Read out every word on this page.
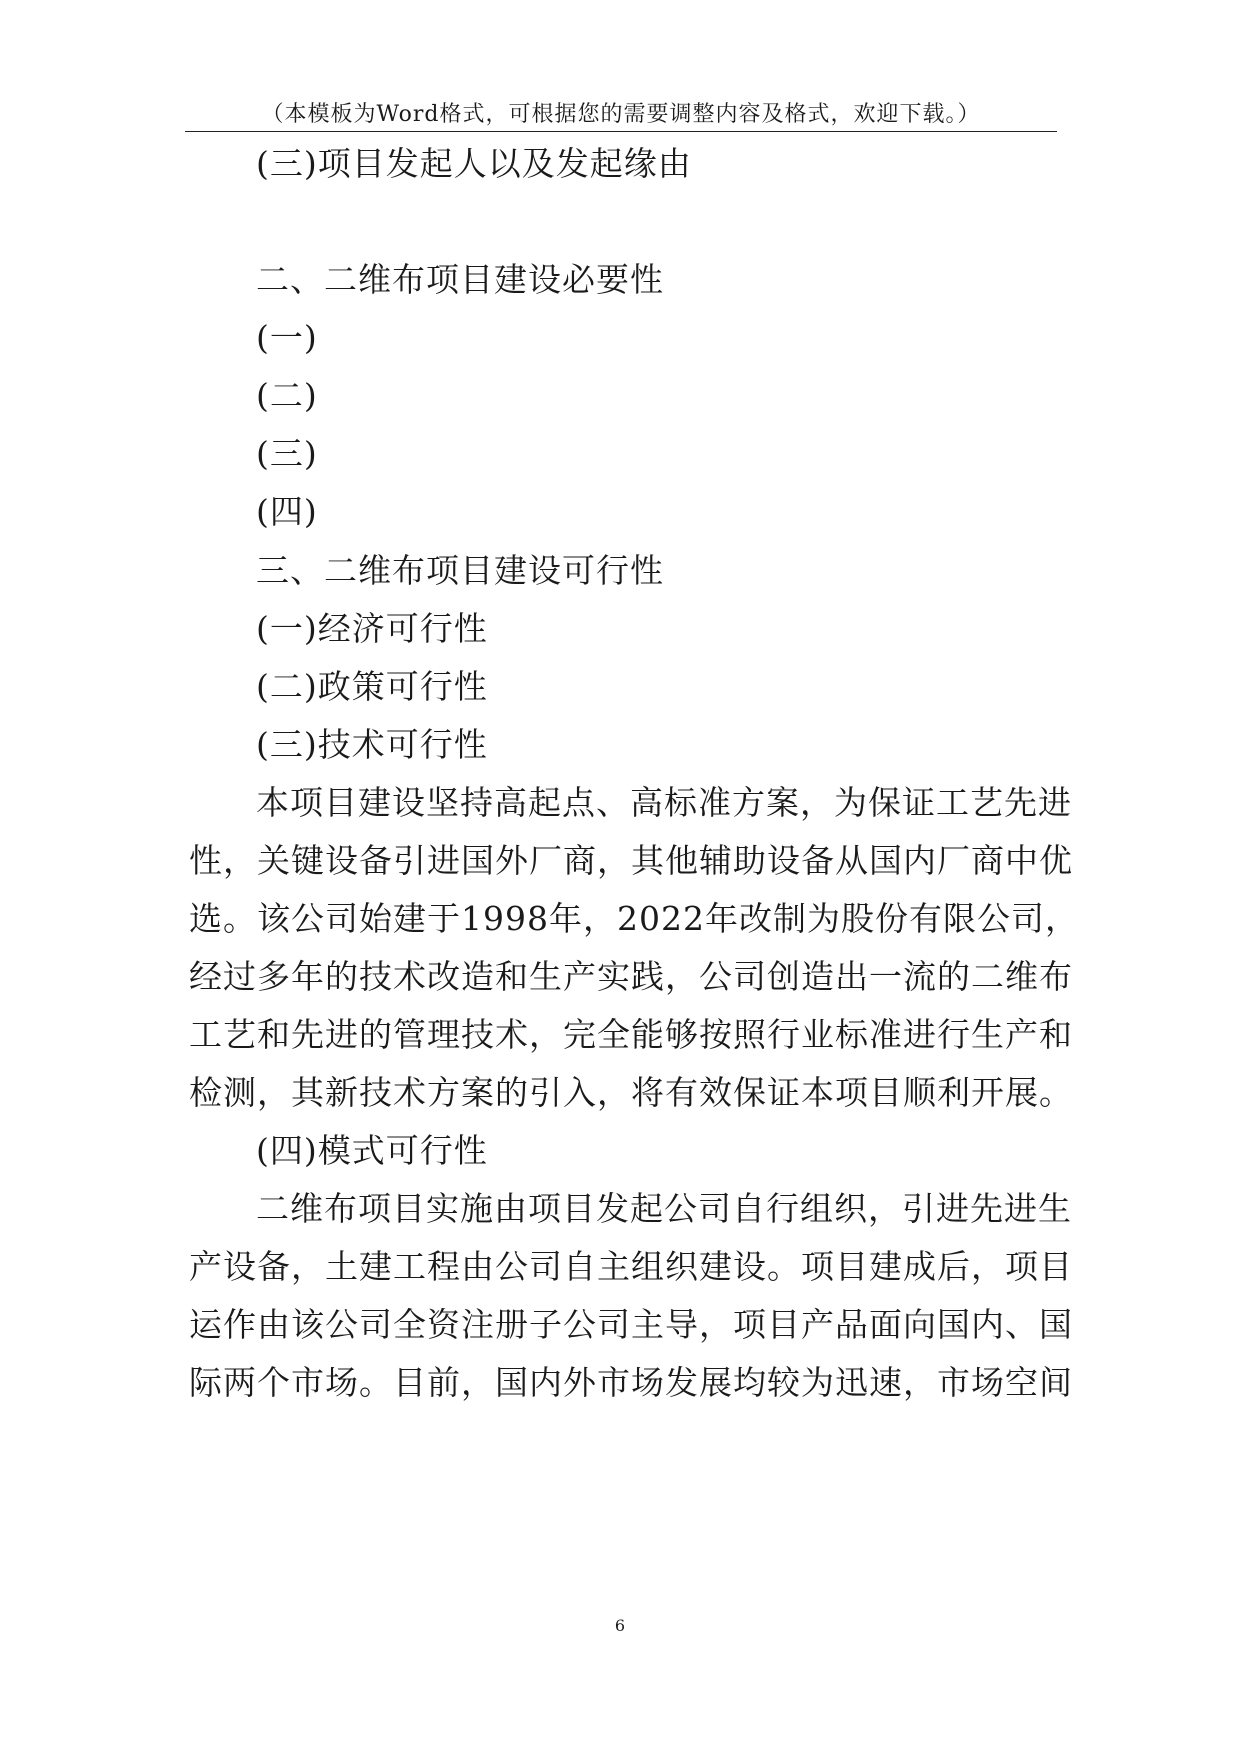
（本模板为Word格式，可根据您的需要调整内容及格式，欢迎下载。）
(三)项目发起人以及发起缘由
二、二维布项目建设必要性
(一)
(二)
(三)
(四)
三、二维布项目建设可行性
(一)经济可行性
(二)政策可行性
(三)技术可行性
本项目建设坚持高起点、高标准方案，为保证工艺先进
性，关键设备引进国外厂商，其他辅助设备从国内厂商中优
选。该公司始建于1998年，2022年改制为股份有限公司，
经过多年的技术改造和生产实践，公司创造出一流的二维布
工艺和先进的管理技术，完全能够按照行业标准进行生产和
检测，其新技术方案的引入，将有效保证本项目顺利开展。
(四)模式可行性
二维布项目实施由项目发起公司自行组织，引进先进生
产设备，土建工程由公司自主组织建设。项目建成后，项目
运作由该公司全资注册子公司主导，项目产品面向国内、国
际两个市场。目前，国内外市场发展均较为迅速，市场空间
6
